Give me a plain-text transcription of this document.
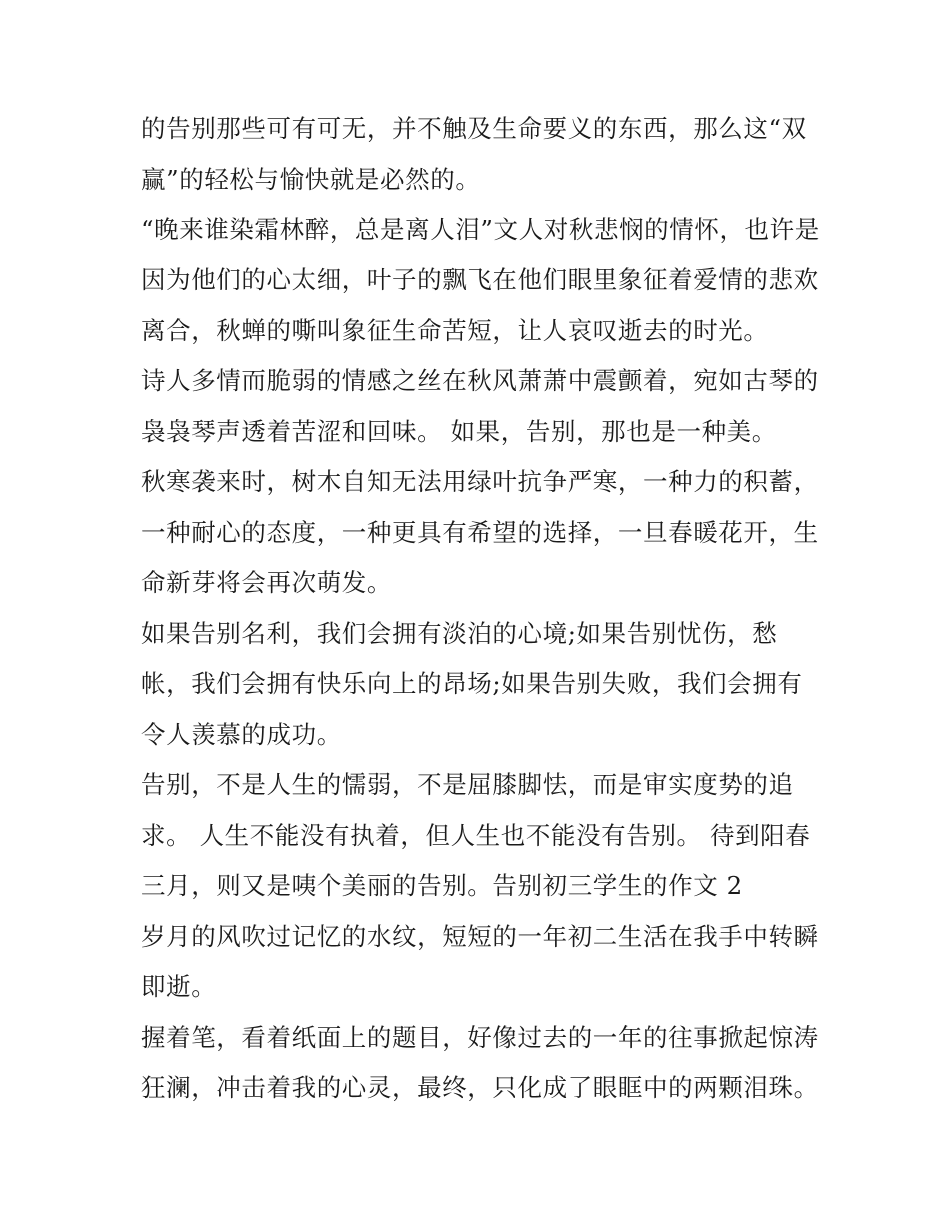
的告别那些可有可无，并不触及生命要义的东西，那么这“双
赢”的轻松与愉快就是必然的。
“晚来谁染霜林醉，总是离人泪”文人对秋悲悯的情怀，也许是
因为他们的心太细，叶子的飘飞在他们眼里象征着爱情的悲欢
离合，秋蝉的嘶叫象征生命苦短，让人哀叹逝去的时光。
诗人多情而脆弱的情感之丝在秋风萧萧中震颤着，宛如古琴的
袅袅琴声透着苦涩和回味。 如果，告别，那也是一种美。
秋寒袭来时，树木自知无法用绿叶抗争严寒，一种力的积蓄，
一种耐心的态度，一种更具有希望的选择，一旦春暖花开，生
命新芽将会再次萌发。
如果告别名利，我们会拥有淡泊的心境;如果告别忧伤，愁
帐，我们会拥有快乐向上的昂场;如果告别失败，我们会拥有
令人羡慕的成功。
告别，不是人生的懦弱，不是屈膝脚怯，而是审实度势的追
求。 人生不能没有执着，但人生也不能没有告别。 待到阳春
三月，则又是咦个美丽的告别。告别初三学生的作文 2
岁月的风吹过记忆的水纹，短短的一年初二生活在我手中转瞬
即逝。
握着笔，看着纸面上的题目，好像过去的一年的往事掀起惊涛
狂澜，冲击着我的心灵，最终，只化成了眼眶中的两颗泪珠。
